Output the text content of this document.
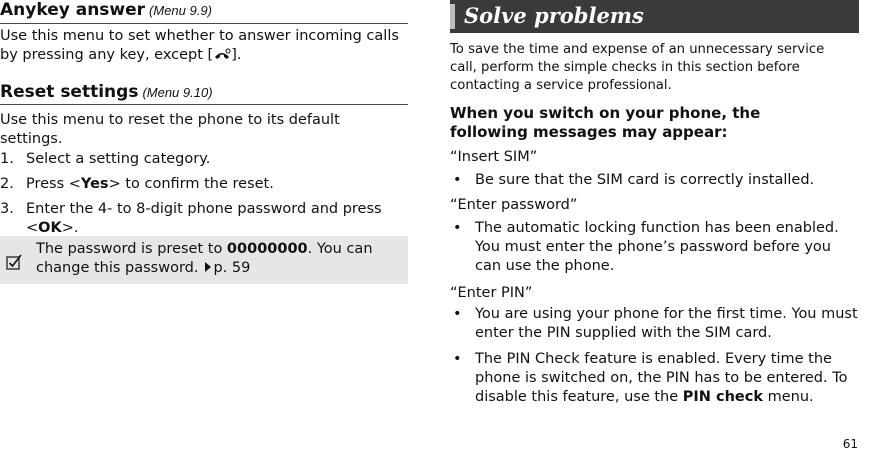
Anykey answer (Menu 9.9)

Use this menu to set whether to answer incoming calls by pressing any key, except [ ].

Reset settings (Menu 9.10)

Use this menu to reset the phone to its default settings.

1. Select a setting category.
2. Press <Yes> to confirm the reset.
3. Enter the 4- to 8-digit phone password and press <OK>.
The password is preset to 00000000. You can change this password. p. 59
Solve problems

To save the time and expense of an unnecessary service call, perform the simple checks in this section before contacting a service professional.

When you switch on your phone, the following messages may appear:

“Insert SIM”
• Be sure that the SIM card is correctly installed.
“Enter password”
• The automatic locking function has been enabled. You must enter the phone’s password before you can use the phone.
“Enter PIN”
• You are using your phone for the first time. You must enter the PIN supplied with the SIM card.
• The PIN Check feature is enabled. Every time the phone is switched on, the PIN has to be entered. To disable this feature, use the PIN check menu.
61
